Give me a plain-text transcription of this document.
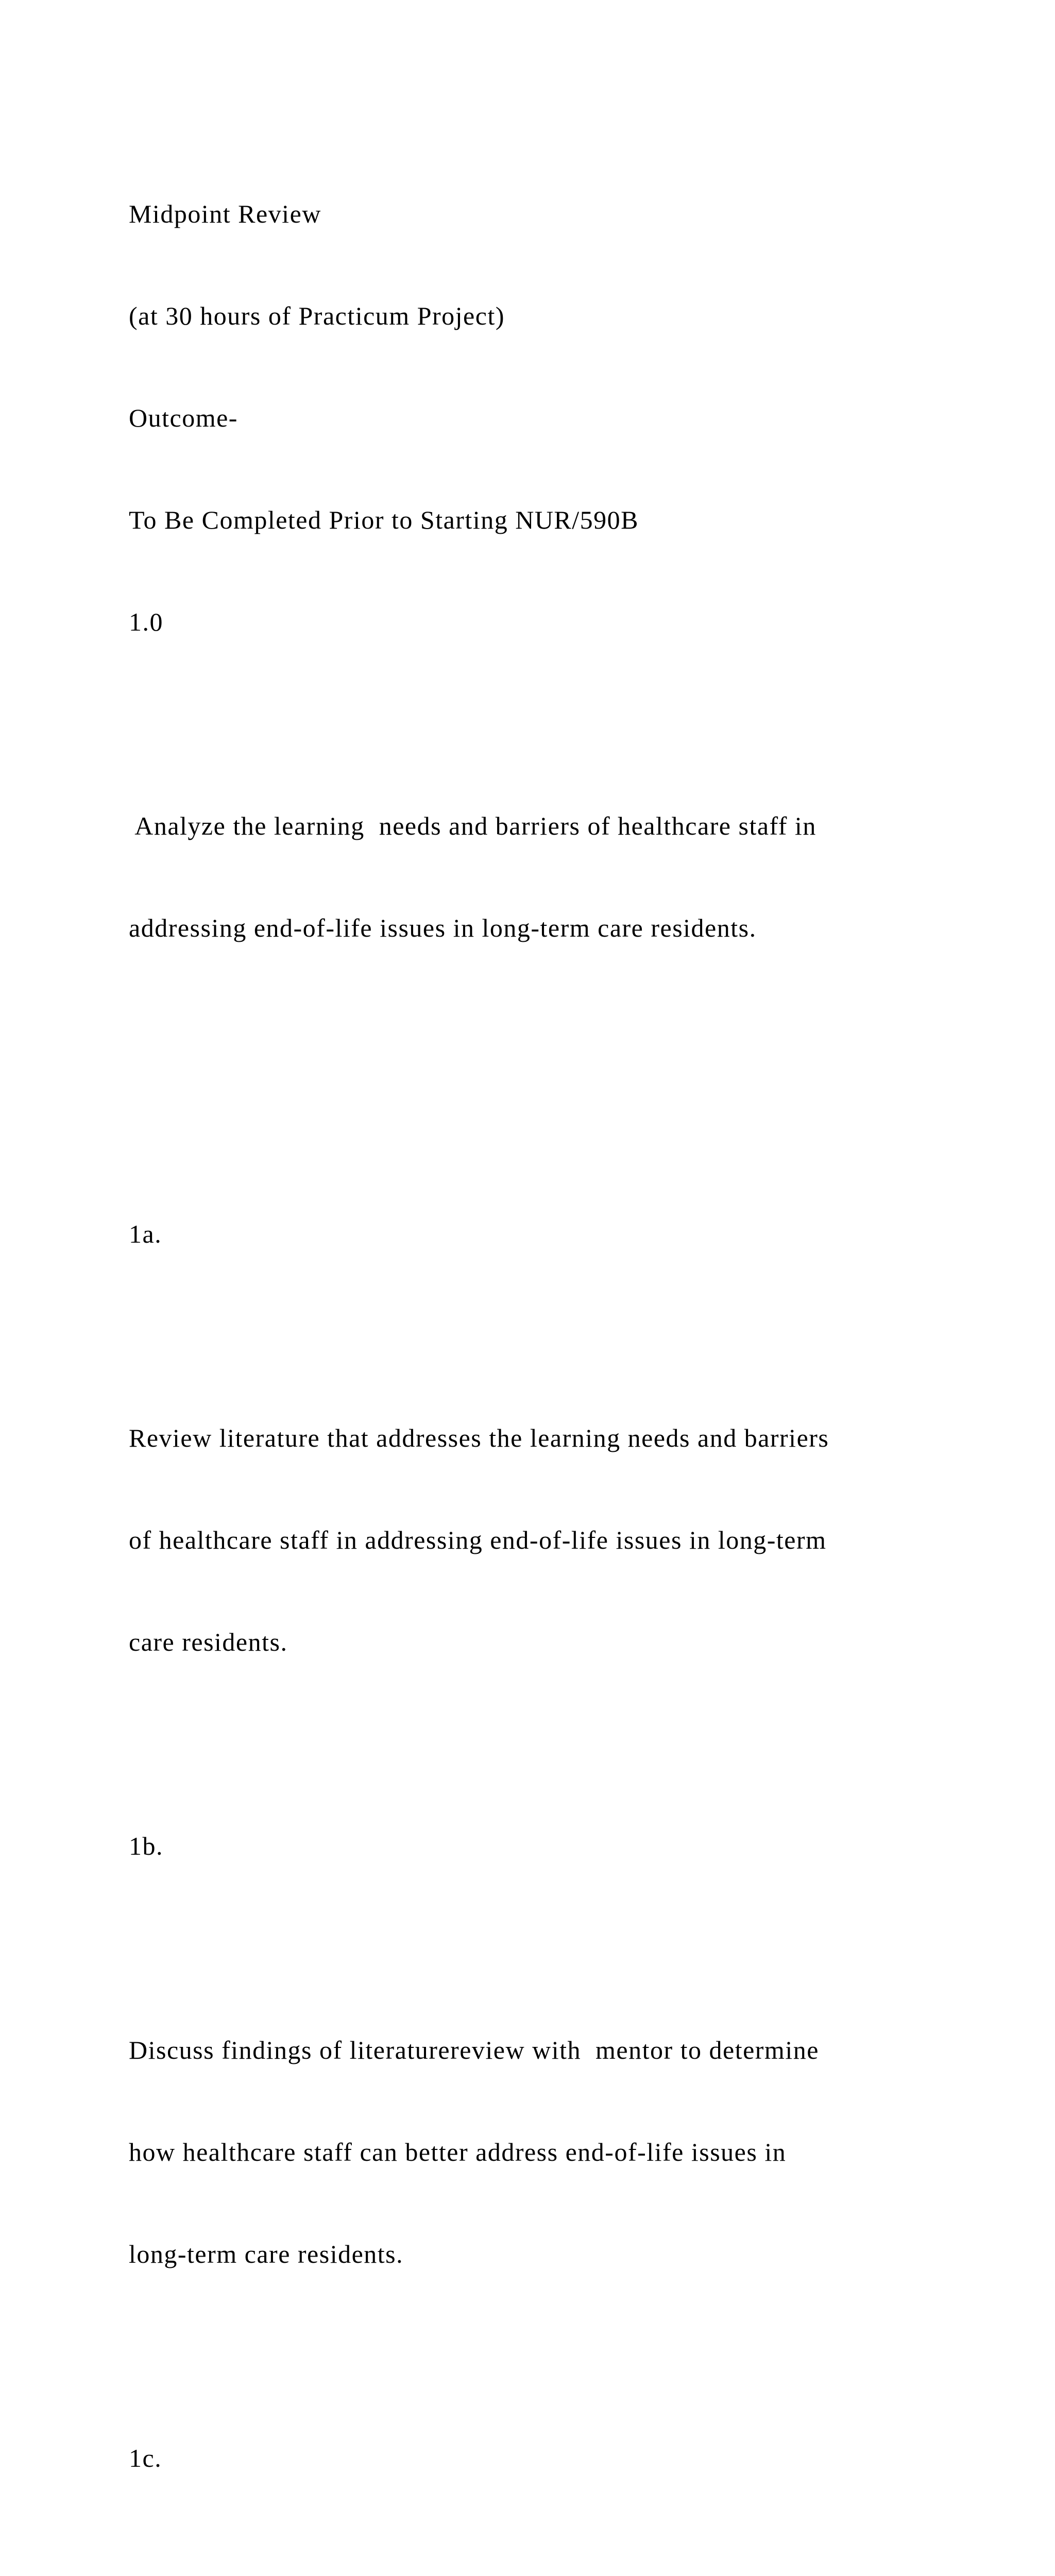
Midpoint Review

(at 30 hours of Practicum Project)

Outcome-

To Be Completed Prior to Starting NUR/590B

1.0

Analyze the learning  needs and barriers of healthcare staff in

addressing end-of-life issues in long-term care residents.

1a.

Review literature that addresses the learning needs and barriers

of healthcare staff in addressing end-of-life issues in long-term

care residents.

1b.

Discuss findings of literaturereview with  mentor to determine

how healthcare staff can better address end-of-life issues in

long-term care residents.

1c.
